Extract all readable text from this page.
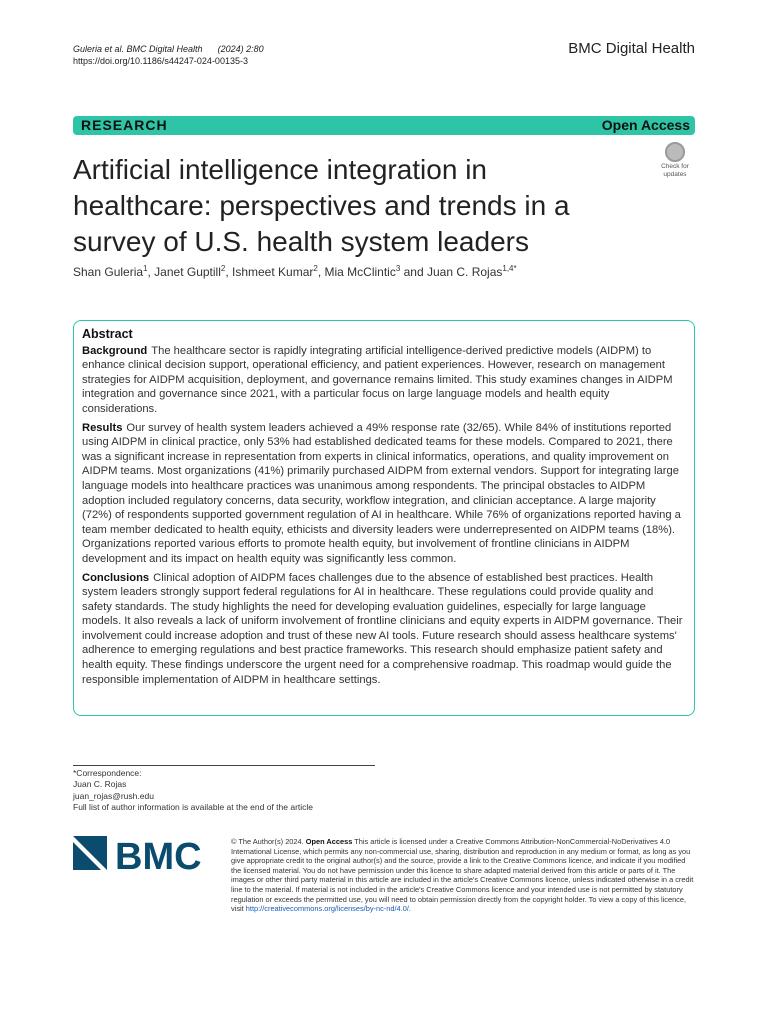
Guleria et al. BMC Digital Health (2024) 2:80
https://doi.org/10.1186/s44247-024-00135-3
BMC Digital Health
RESEARCH	Open Access
Check for
updates
Artificial intelligence integration in healthcare: perspectives and trends in a survey of U.S. health system leaders
Shan Guleria$^1$, Janet Guptill$^2$, Ishmeet Kumar$^2$, Mia McClintic$^3$ and Juan C. Rojas$^{1,4*}$
Abstract

Background The healthcare sector is rapidly integrating artificial intelligence-derived predictive models (AIDPM) to enhance clinical decision support, operational efficiency, and patient experiences. However, research on management strategies for AIDPM acquisition, deployment, and governance remains limited. This study examines changes in AIDPM integration and governance since 2021, with a particular focus on large language models and health equity considerations.

Results Our survey of health system leaders achieved a 49% response rate (32/65). While 84% of institutions reported using AIDPM in clinical practice, only 53% had established dedicated teams for these models. Compared to 2021, there was a significant increase in representation from experts in clinical informatics, operations, and quality improvement on AIDPM teams. Most organizations (41%) primarily purchased AIDPM from external vendors. Support for integrating large language models into healthcare practices was unanimous among respondents. The principal obstacles to AIDPM adoption included regulatory concerns, data security, workflow integration, and clinician acceptance. A large majority (72%) of respondents supported government regulation of AI in healthcare. While 76% of organizations reported having a team member dedicated to health equity, ethicists and diversity leaders were underrepresented on AIDPM teams (18%). Organizations reported various efforts to promote health equity, but involvement of frontline clinicians in AIDPM development and its impact on health equity was significantly less common.

Conclusions Clinical adoption of AIDPM faces challenges due to the absence of established best practices. Health system leaders strongly support federal regulations for AI in healthcare. These regulations could provide quality and safety standards. The study highlights the need for developing evaluation guidelines, especially for large language models. It also reveals a lack of uniform involvement of frontline clinicians and equity experts in AIDPM governance. Their involvement could increase adoption and trust of these new AI tools. Future research should assess healthcare systems' adherence to emerging regulations and best practice frameworks. This research should emphasize patient safety and health equity. These findings underscore the urgent need for a comprehensive roadmap. This roadmap would guide the responsible implementation of AIDPM in healthcare settings.

*Correspondence:
Juan C. Rojas
juan_rojas@rush.edu
Full list of author information is available at the end of the article
BMC	© The Author(s) 2024. Open Access This article is licensed under a Creative Commons Attribution-NonCommercial-NoDerivatives 4.0 International License, which permits any non-commercial use, sharing, distribution and reproduction in any medium or format, as long as you give appropriate credit to the original author(s) and the source, provide a link to the Creative Commons licence, and indicate if you modified the licensed material. You do not have permission under this licence to share adapted material derived from this article or parts of it. The images or other third party material in this article are included in the article's Creative Commons licence, unless indicated otherwise in a credit line to the material. If material is not included in the article's Creative Commons licence and your intended use is not permitted by statutory regulation or exceeds the permitted use, you will need to obtain permission directly from the copyright holder. To view a copy of this licence, visit http://creativecommons.org/licenses/by-nc-nd/4.0/.
